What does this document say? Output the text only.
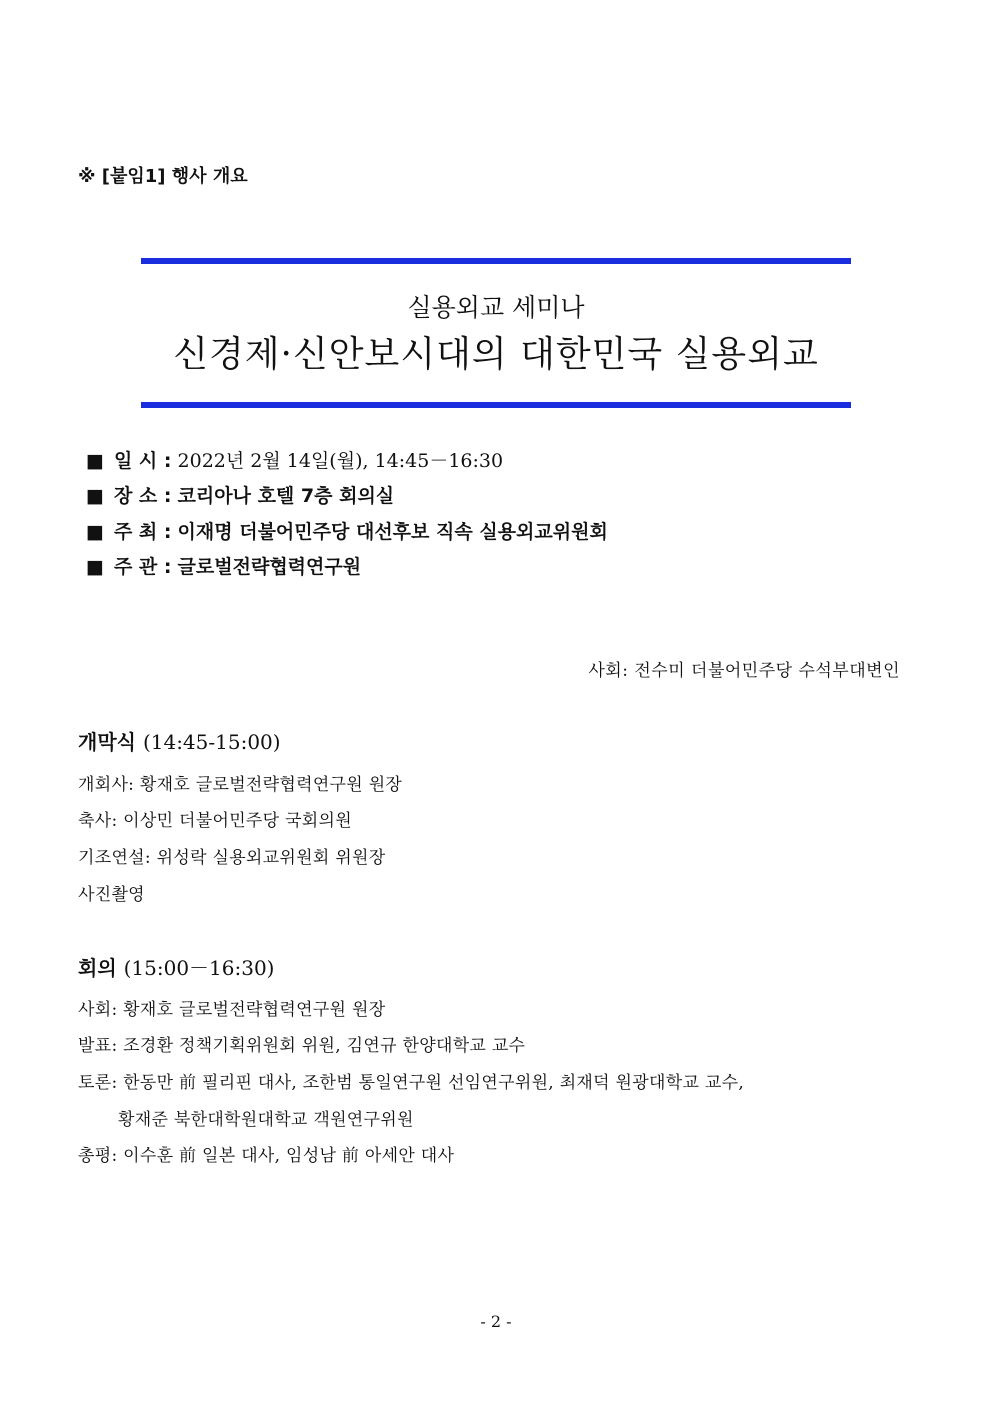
※ [붙임1] 행사 개요
실용외교 세미나
신경제·신안보시대의 대한민국 실용외교
■ 일 시 : 2022년 2월 14일(월), 14:45－16:30
■ 장 소 : 코리아나 호텔 7층 회의실
■ 주 최 : 이재명 더불어민주당 대선후보 직속 실용외교위원회
■ 주 관 : 글로벌전략협력연구원
사회: 전수미 더불어민주당 수석부대변인
개막식 (14:45-15:00)
개회사: 황재호 글로벌전략협력연구원 원장
축사: 이상민 더불어민주당 국회의원
기조연설: 위성락 실용외교위원회 위원장
사진촬영
회의 (15:00－16:30)
사회: 황재호 글로벌전략협력연구원 원장
발표: 조경환 정책기획위원회 위원, 김연규 한양대학교 교수
토론: 한동만 前 필리핀 대사, 조한범 통일연구원 선임연구위원, 최재덕 원광대학교 교수,
황재준 북한대학원대학교 객원연구위원
총평: 이수훈 前 일본 대사, 임성남 前 아세안 대사
- 2 -
